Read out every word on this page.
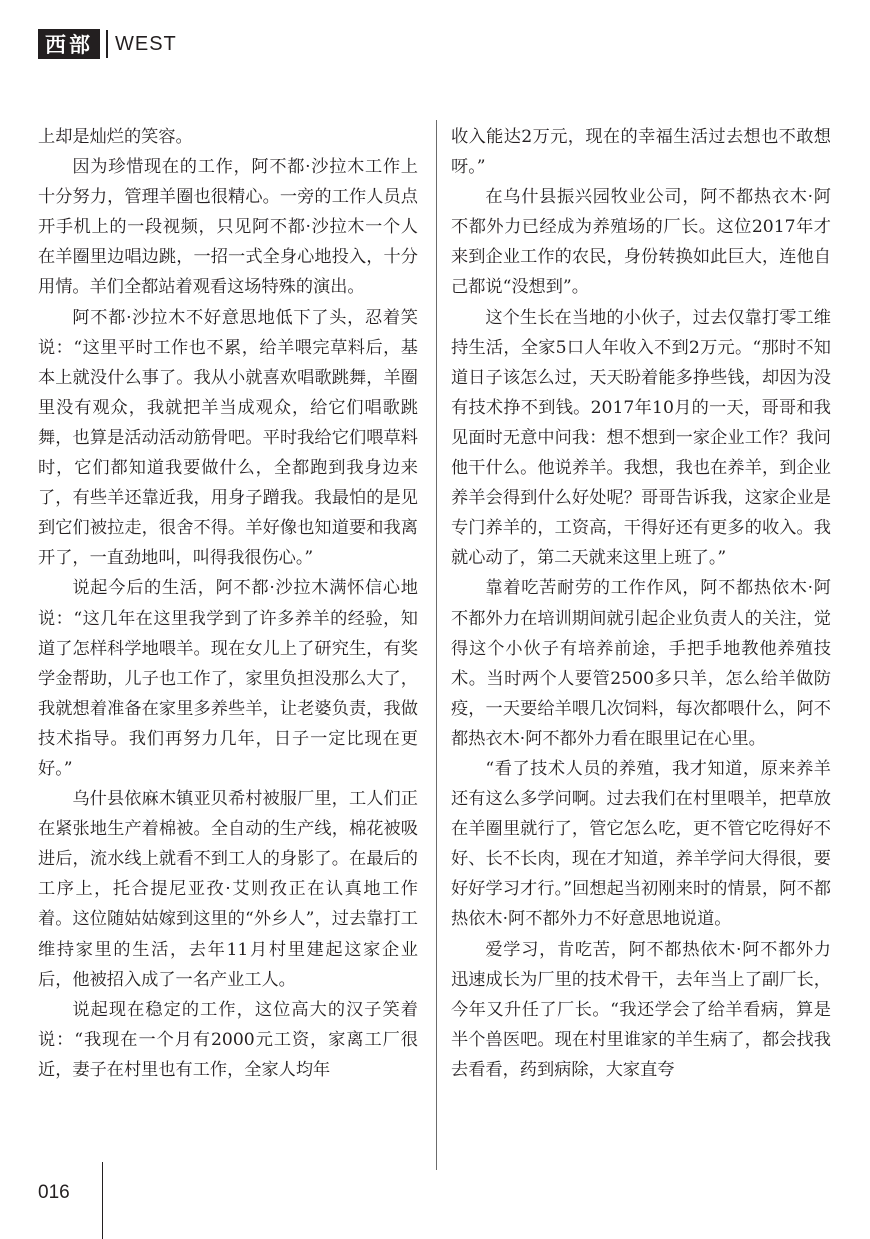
西部	WEST

上却是灿烂的笑容。

因为珍惜现在的工作，阿不都·沙拉木工作上十分努力，管理羊圈也很精心。一旁的工作人员点开手机上的一段视频，只见阿不都·沙拉木一个人在羊圈里边唱边跳，一招一式全身心地投入，十分用情。羊们全都站着观看这场特殊的演出。

阿不都·沙拉木不好意思地低下了头，忍着笑说：“这里平时工作也不累，给羊喂完草料后，基本上就没什么事了。我从小就喜欢唱歌跳舞，羊圈里没有观众，我就把羊当成观众，给它们唱歌跳舞，也算是活动活动筋骨吧。平时我给它们喂草料时，它们都知道我要做什么，全都跑到我身边来了，有些羊还靠近我，用身子蹭我。我最怕的是见到它们被拉走，很舍不得。羊好像也知道要和我离开了，一直劲地叫，叫得我很伤心。”

说起今后的生活，阿不都·沙拉木满怀信心地说：“这几年在这里我学到了许多养羊的经验，知道了怎样科学地喂羊。现在女儿上了研究生，有奖学金帮助，儿子也工作了，家里负担没那么大了，我就想着准备在家里多养些羊，让老婆负责，我做技术指导。我们再努力几年，日子一定比现在更好。”

乌什县依麻木镇亚贝希村被服厂里，工人们正在紧张地生产着棉被。全自动的生产线，棉花被吸进后，流水线上就看不到工人的身影了。在最后的工序上，托合提尼亚孜·艾则孜正在认真地工作着。这位随姑姑嫁到这里的“外乡人”，过去靠打工维持家里的生活，去年11月村里建起这家企业后，他被招入成了一名产业工人。

说起现在稳定的工作，这位高大的汉子笑着说：“我现在一个月有2000元工资，家离工厂很近，妻子在村里也有工作，全家人均年

收入能达2万元，现在的幸福生活过去想也不敢想呀。”

在乌什县振兴园牧业公司，阿不都热衣木·阿不都外力已经成为养殖场的厂长。这位2017年才来到企业工作的农民，身份转换如此巨大，连他自己都说“没想到”。

这个生长在当地的小伙子，过去仅靠打零工维持生活，全家5口人年收入不到2万元。“那时不知道日子该怎么过，天天盼着能多挣些钱，却因为没有技术挣不到钱。2017年10月的一天，哥哥和我见面时无意中问我：想不想到一家企业工作？我问他干什么。他说养羊。我想，我也在养羊，到企业养羊会得到什么好处呢？哥哥告诉我，这家企业是专门养羊的，工资高，干得好还有更多的收入。我就心动了，第二天就来这里上班了。”

靠着吃苦耐劳的工作作风，阿不都热依木·阿不都外力在培训期间就引起企业负责人的关注，觉得这个小伙子有培养前途，手把手地教他养殖技术。当时两个人要管2500多只羊，怎么给羊做防疫，一天要给羊喂几次饲料，每次都喂什么，阿不都热衣木·阿不都外力看在眼里记在心里。

“看了技术人员的养殖，我才知道，原来养羊还有这么多学问啊。过去我们在村里喂羊，把草放在羊圈里就行了，管它怎么吃，更不管它吃得好不好、长不长肉，现在才知道，养羊学问大得很，要好好学习才行。”回想起当初刚来时的情景，阿不都热依木·阿不都外力不好意思地说道。

爱学习，肯吃苦，阿不都热依木·阿不都外力迅速成长为厂里的技术骨干，去年当上了副厂长，今年又升任了厂长。“我还学会了给羊看病，算是半个兽医吧。现在村里谁家的羊生病了，都会找我去看看，药到病除，大家直夸

016
